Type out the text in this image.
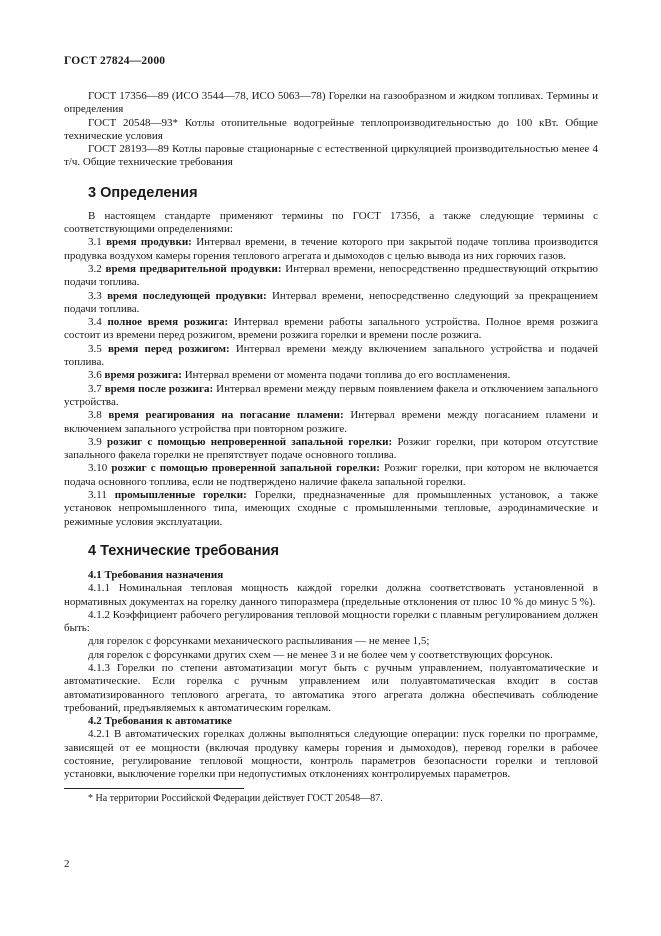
ГОСТ 27824—2000

ГОСТ 17356—89 (ИСО 3544—78, ИСО 5063—78) Горелки на газообразном и жидком топливах. Термины и определения

ГОСТ 20548—93* Котлы отопительные водогрейные теплопроизводительностью до 100 кВт. Общие технические условия

ГОСТ 28193—89 Котлы паровые стационарные с естественной циркуляцией производительностью менее 4 т/ч. Общие технические требования

3 Определения

В настоящем стандарте применяют термины по ГОСТ 17356, а также следующие термины с соответствующими определениями:

3.1 время продувки: Интервал времени, в течение которого при закрытой подаче топлива производится продувка воздухом камеры горения теплового агрегата и дымоходов с целью вывода из них горючих газов.

3.2 время предварительной продувки: Интервал времени, непосредственно предшествующий открытию подачи топлива.

3.3 время последующей продувки: Интервал времени, непосредственно следующий за прекращением подачи топлива.

3.4 полное время розжига: Интервал времени работы запального устройства. Полное время розжига состоит из времени перед розжигом, времени розжига горелки и времени после розжига.

3.5 время перед розжигом: Интервал времени между включением запального устройства и подачей топлива.

3.6 время розжига: Интервал времени от момента подачи топлива до его воспламенения.

3.7 время после розжига: Интервал времени между первым появлением факела и отключением запального устройства.

3.8 время реагирования на погасание пламени: Интервал времени между погасанием пламени и включением запального устройства при повторном розжиге.

3.9 розжиг с помощью непроверенной запальной горелки: Розжиг горелки, при котором отсутствие запального факела горелки не препятствует подаче основного топлива.

3.10 розжиг с помощью проверенной запальной горелки: Розжиг горелки, при котором не включается подача основного топлива, если не подтверждено наличие факела запальной горелки.

3.11 промышленные горелки: Горелки, предназначенные для промышленных установок, а также установок непромышленного типа, имеющих сходные с промышленными тепловые, аэродинамические и режимные условия эксплуатации.

4 Технические требования
4.1 Требования назначения

4.1.1 Номинальная тепловая мощность каждой горелки должна соответствовать установленной в нормативных документах на горелку данного типоразмера (предельные отклонения от плюс 10 % до минус 5 %).

4.1.2 Коэффициент рабочего регулирования тепловой мощности горелки с плавным регулированием должен быть:

для горелок с форсунками механического распыливания — не менее 1,5;

для горелок с форсунками других схем — не менее 3 и не более чем у соответствующих форсунок.

4.1.3 Горелки по степени автоматизации могут быть с ручным управлением, полуавтоматические и автоматические. Если горелка с ручным управлением или полуавтоматическая входит в состав автоматизированного теплового агрегата, то автоматика этого агрегата должна обеспечивать соблюдение требований, предъявляемых к автоматическим горелкам.

4.2 Требования к автоматике

4.2.1 В автоматических горелках должны выполняться следующие операции: пуск горелки по программе, зависящей от ее мощности (включая продувку камеры горения и дымоходов), перевод горелки в рабочее состояние, регулирование тепловой мощности, контроль параметров безопасности горелки и тепловой установки, выключение горелки при недопустимых отклонениях контролируемых параметров.

* На территории Российской Федерации действует ГОСТ 20548—87.

2
